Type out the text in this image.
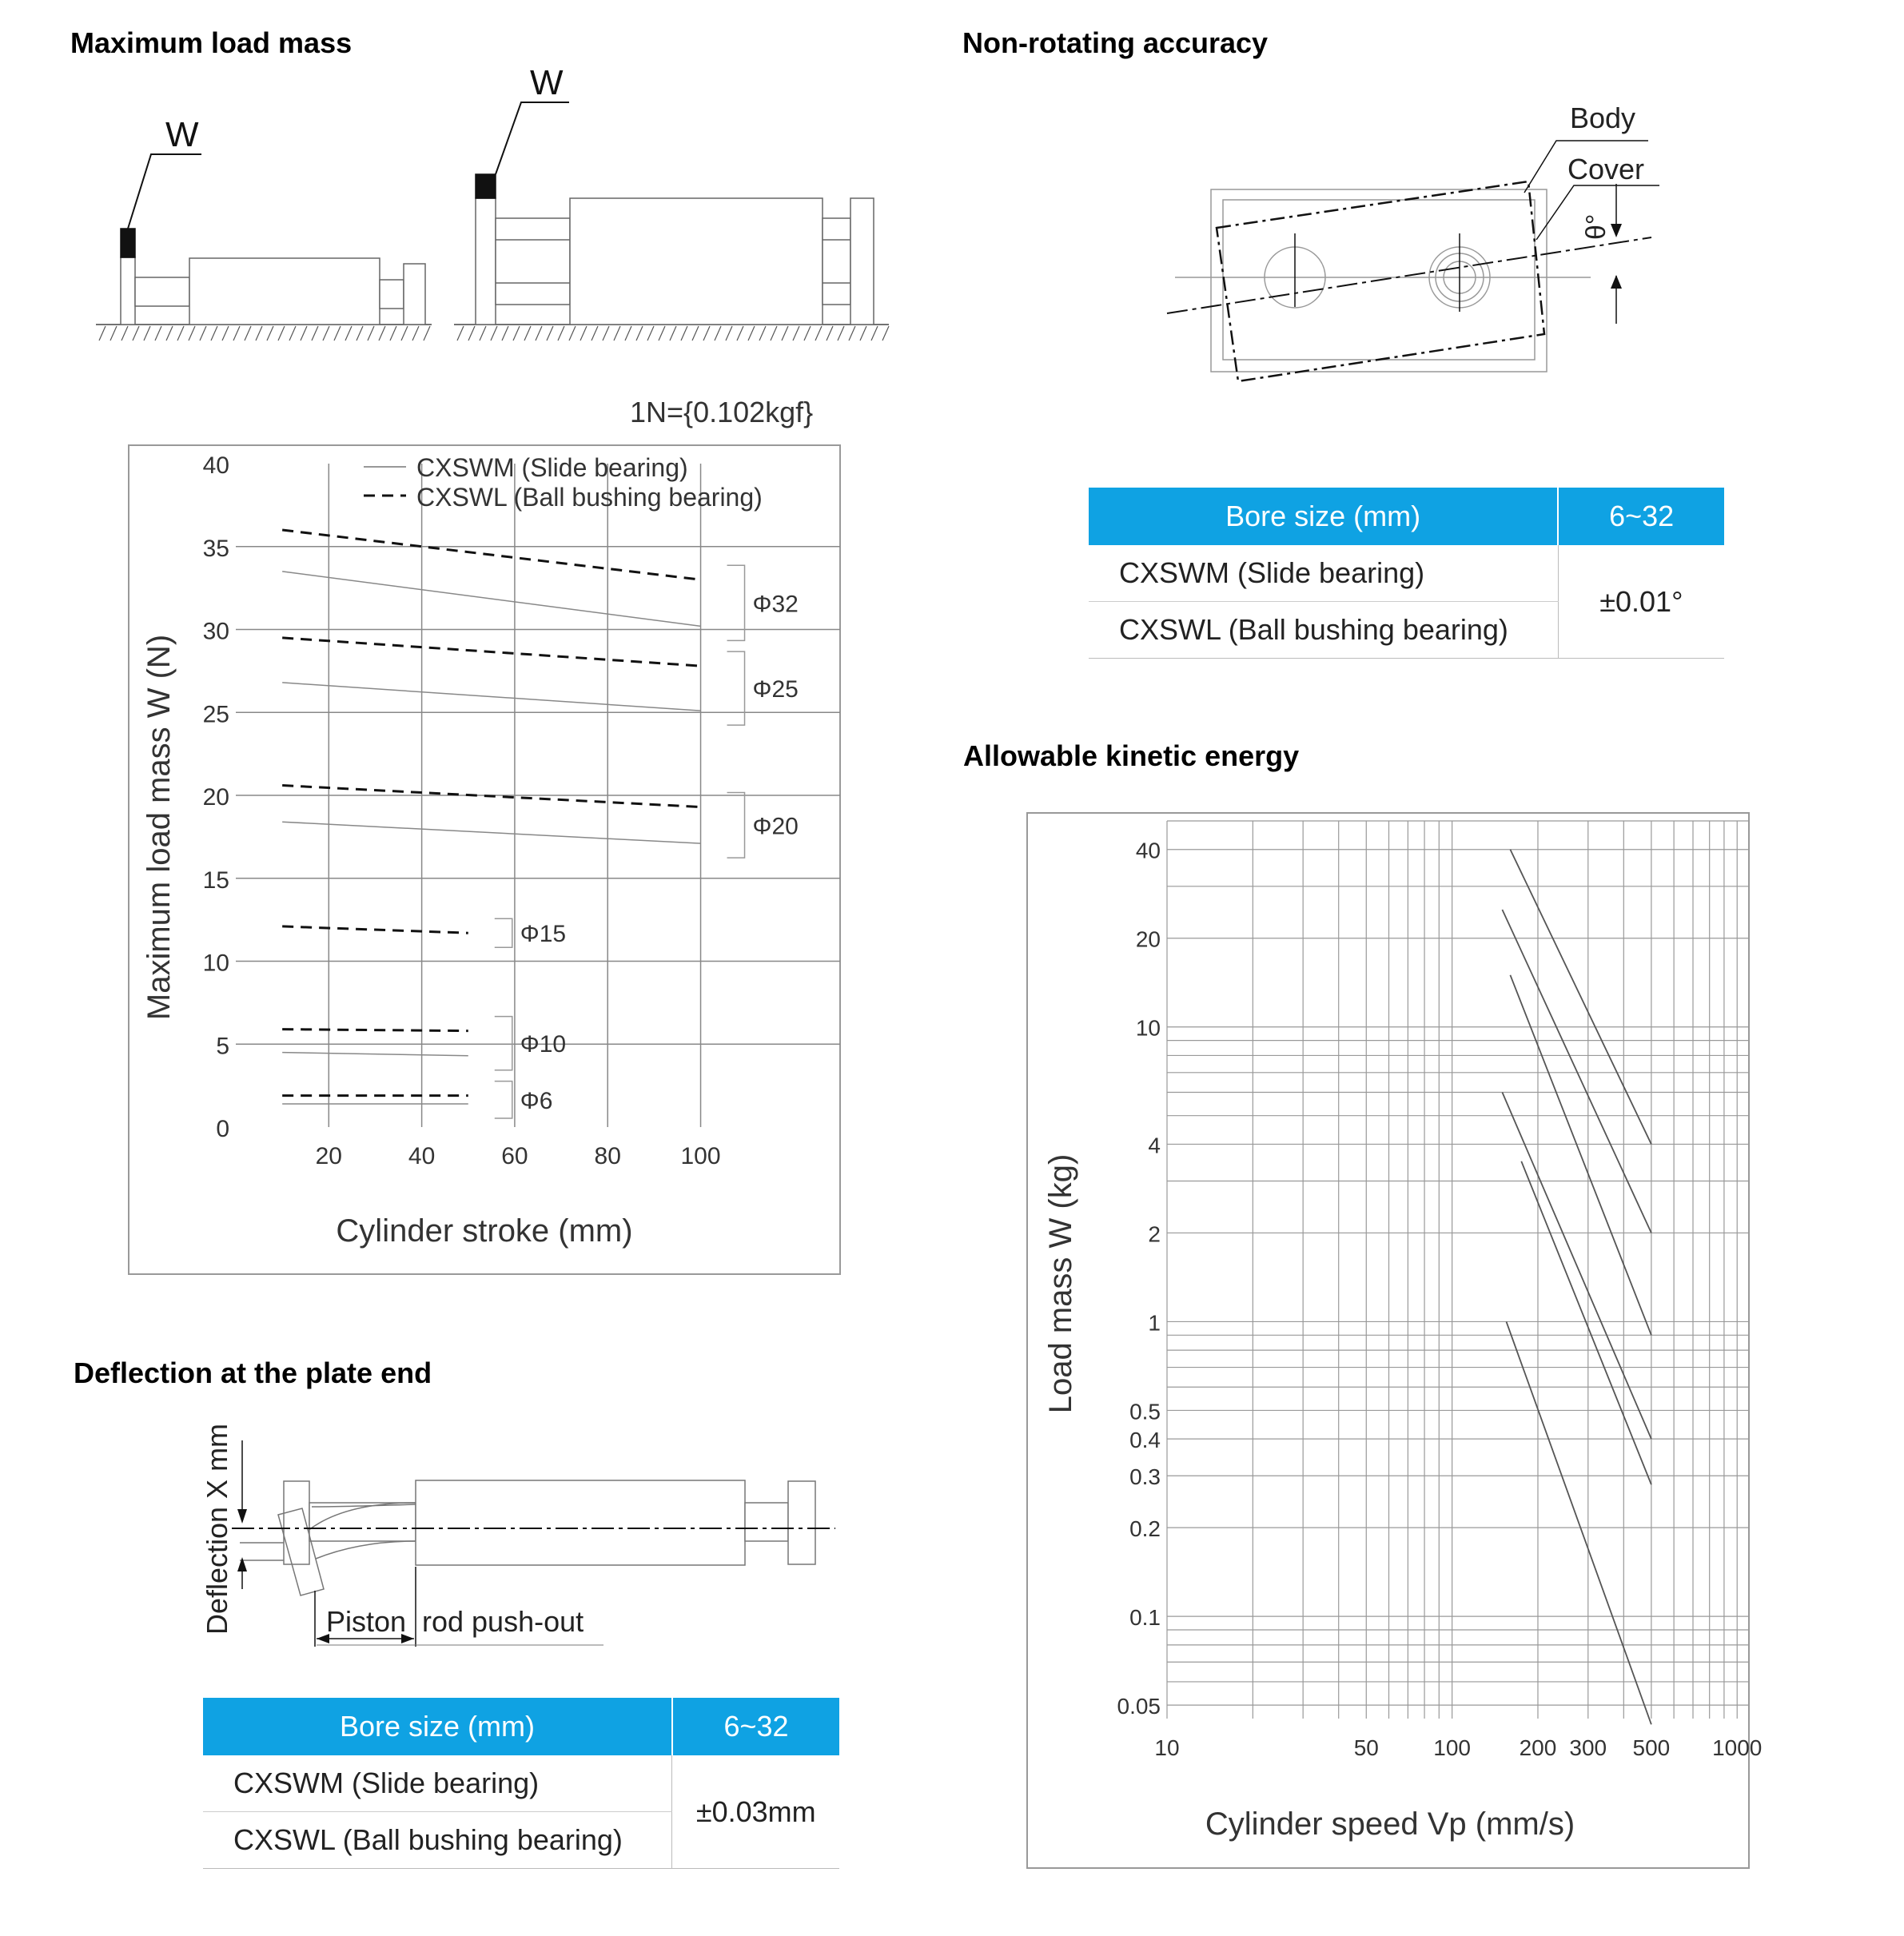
Maximum load mass	Non-rotating accuracy
Deflection at the plate end
Allowable kinetic energy
W
W
1N={0.102kgf}
0
5
10
15
20
25
30
35
40
20	40	60	80 100
Φ32
Φ25
Φ20
Φ15
Φ10
Φ6
CXSWM (Slide bearing)
CXSWL (Ball bushing bearing)
Cylinder stroke (mm)
Maximum load mass W (N)
Body
Cover
θ°
Bore size (mm)	6~32
CXSWM (Slide bearing)	±0.01°
CXSWL (Ball bushing bearing)	
Deflection X mm	Piston rod push-out
Bore size (mm)	6~32
CXSWM (Slide bearing)	±0.03mm
CXSWL (Ball bushing bearing)	
0.05
0.1
0.2
0.3
0.4
0.5
1
2
4
10
20
40
10	50 100 200 300 500 1000
Cylinder speed Vp (mm/s)
Load mass W (kg)
